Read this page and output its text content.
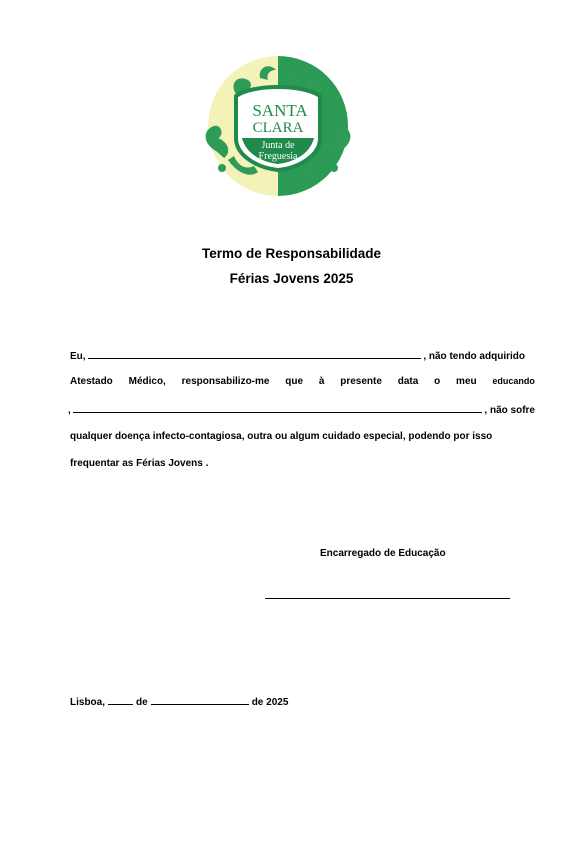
SANTA
CLARA
Junta de
Freguesia
Termo de Responsabilidade
Férias Jovens 2025
Eu,	, não tendo adquirido
Atestado Médico, responsabilizo-me que à presente data o meu educando
,	, não sofre
qualquer doença infecto-contagiosa, outra ou algum cuidado especial, podendo por isso
frequentar as Férias Jovens .
Encarregado de Educação
Lisboa,	de	de 2025
